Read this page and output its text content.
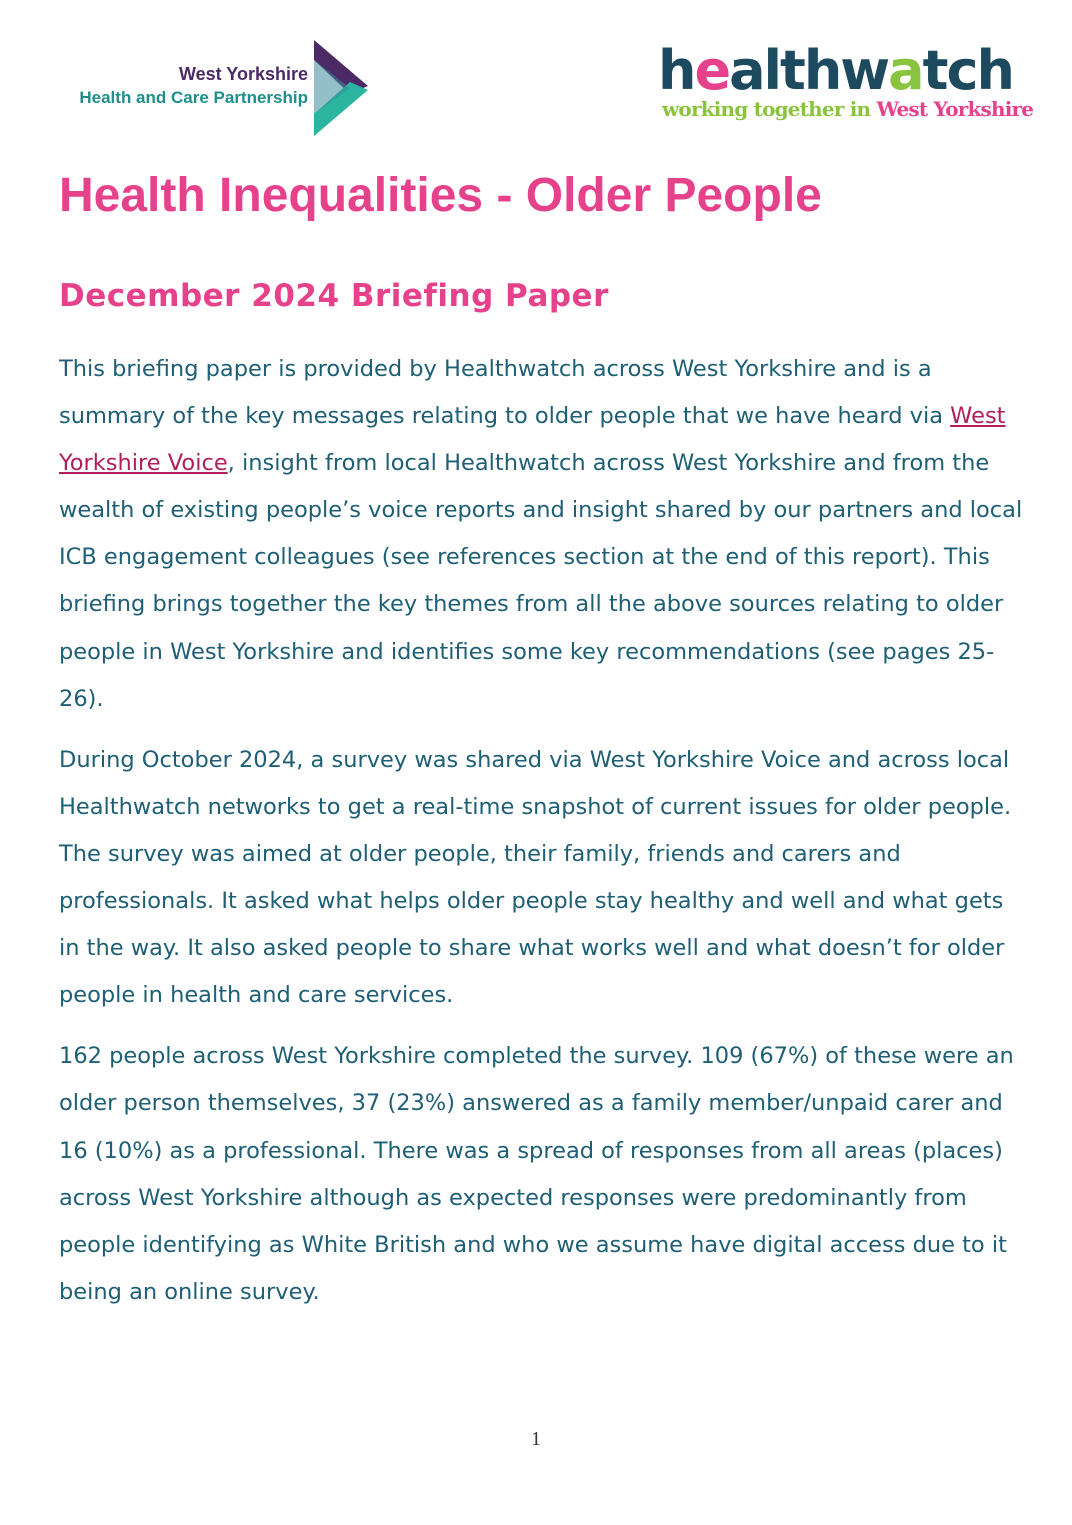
West Yorkshire
Health and Care Partnership	healthwatch
working together in West Yorkshire
Health Inequalities - Older People
December 2024 Briefing Paper

This briefing paper is provided by Healthwatch across West Yorkshire and is a summary of the key messages relating to older people that we have heard via West Yorkshire Voice, insight from local Healthwatch across West Yorkshire and from the wealth of existing people’s voice reports and insight shared by our partners and local ICB engagement colleagues (see references section at the end of this report). This briefing brings together the key themes from all the above sources relating to older people in West Yorkshire and identifies some key recommendations (see pages 25-26).

During October 2024, a survey was shared via West Yorkshire Voice and across local Healthwatch networks to get a real-time snapshot of current issues for older people. The survey was aimed at older people, their family, friends and carers and professionals. It asked what helps older people stay healthy and well and what gets in the way. It also asked people to share what works well and what doesn’t for older people in health and care services.

162 people across West Yorkshire completed the survey. 109 (67%) of these were an older person themselves, 37 (23%) answered as a family member/unpaid carer and 16 (10%) as a professional. There was a spread of responses from all areas (places) across West Yorkshire although as expected responses were predominantly from people identifying as White British and who we assume have digital access due to it being an online survey.

1
